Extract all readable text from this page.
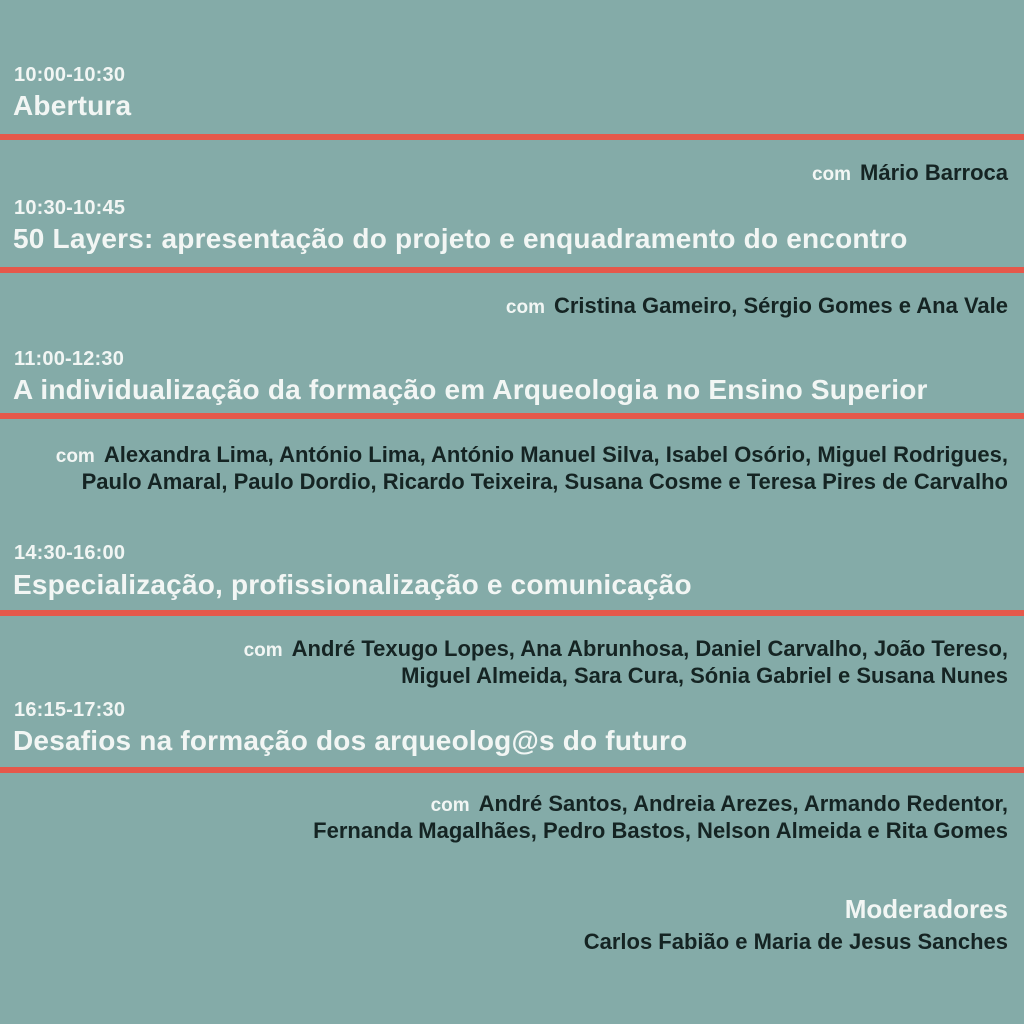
10:00-10:30
Abertura
com Mário Barroca
10:30-10:45
50 Layers: apresentação do projeto e enquadramento do encontro
com Cristina Gameiro, Sérgio Gomes e Ana Vale
11:00-12:30
A individualização da formação em Arqueologia no Ensino Superior
com Alexandra Lima, António Lima, António Manuel Silva, Isabel Osório, Miguel Rodrigues,
Paulo Amaral, Paulo Dordio, Ricardo Teixeira, Susana Cosme e Teresa Pires de Carvalho
14:30-16:00
Especialização, profissionalização e comunicação
com André Texugo Lopes, Ana Abrunhosa, Daniel Carvalho, João Tereso,
Miguel Almeida, Sara Cura, Sónia Gabriel e Susana Nunes
16:15-17:30
Desafios na formação dos arqueolog@s do futuro
com André Santos, Andreia Arezes, Armando Redentor,
Fernanda Magalhães, Pedro Bastos, Nelson Almeida e Rita Gomes
Moderadores
Carlos Fabião e Maria de Jesus Sanches
